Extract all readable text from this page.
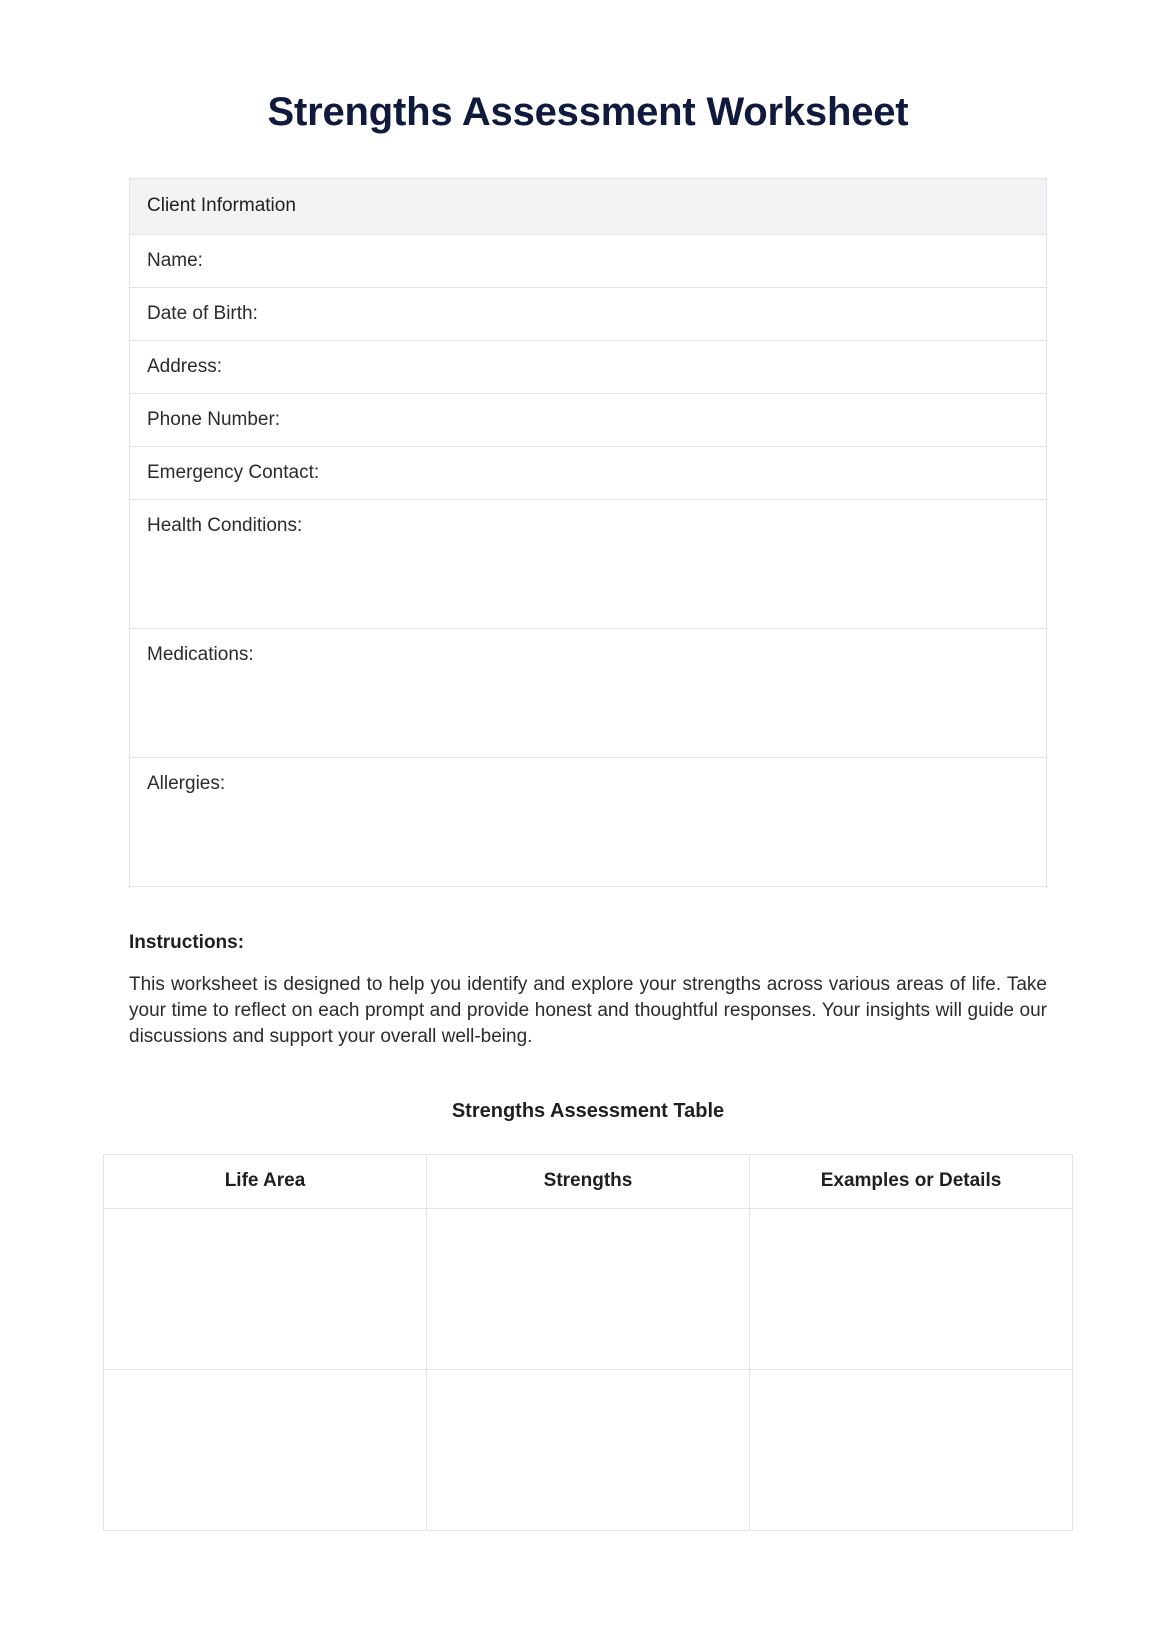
Strengths Assessment Worksheet
Client Information
Name:
Date of Birth:
Address:
Phone Number:
Emergency Contact:
Health Conditions:
Medications:
Allergies:
Instructions:

This worksheet is designed to help you identify and explore your strengths across various areas of life. Take your time to reflect on each prompt and provide honest and thoughtful responses. Your insights will guide our discussions and support your overall well-being.

Strengths Assessment Table
Life Area	Strengths	Examples or Details
